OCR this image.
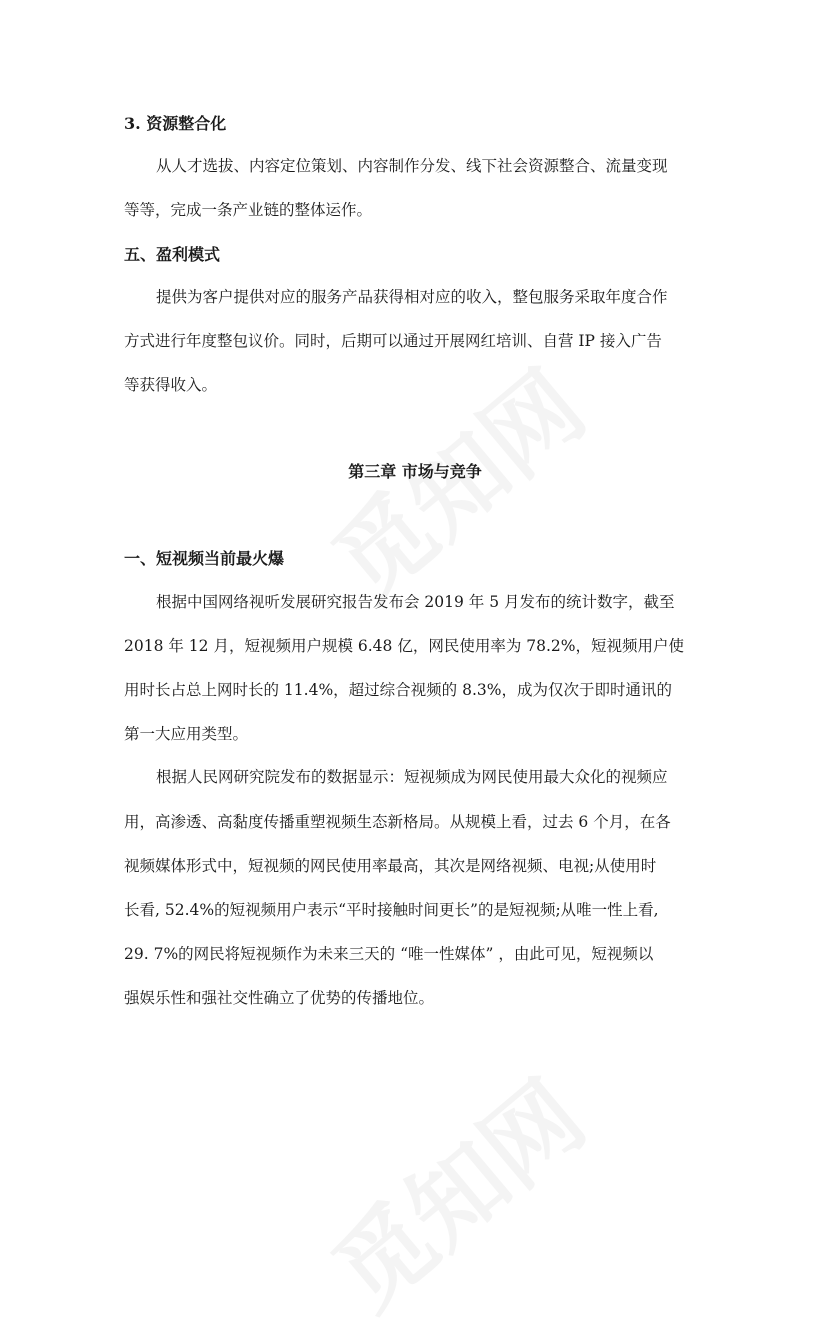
3. 资源整合化
从人才选拔、内容定位策划、内容制作分发、线下社会资源整合、流量变现
等等，完成一条产业链的整体运作。
五、盈利模式
提供为客户提供对应的服务产品获得相对应的收入，整包服务采取年度合作
方式进行年度整包议价。同时，后期可以通过开展网红培训、自营 IP 接入广告
等获得收入。
第三章 市场与竞争
一、短视频当前最火爆
根据中国网络视听发展研究报告发布会 2019 年 5 月发布的统计数字，截至
2018 年 12 月，短视频用户规模 6.48 亿，网民使用率为 78.2%，短视频用户使
用时长占总上网时长的 11.4%，超过综合视频的 8.3%，成为仅次于即时通讯的
第一大应用类型。
根据人民网研究院发布的数据显示：短视频成为网民使用最大众化的视频应
用，高渗透、高黏度传播重塑视频生态新格局。从规模上看，过去 6 个月，在各
视频媒体形式中，短视频的网民使用率最高，其次是网络视频、电视;从使用时
长看, 52.4%的短视频用户表示“平时接触时间更长”的是短视频;从唯一性上看,
29. 7%的网民将短视频作为未来三天的 “唯一性媒体” ，由此可见，短视频以
强娱乐性和强社交性确立了优势的传播地位。
